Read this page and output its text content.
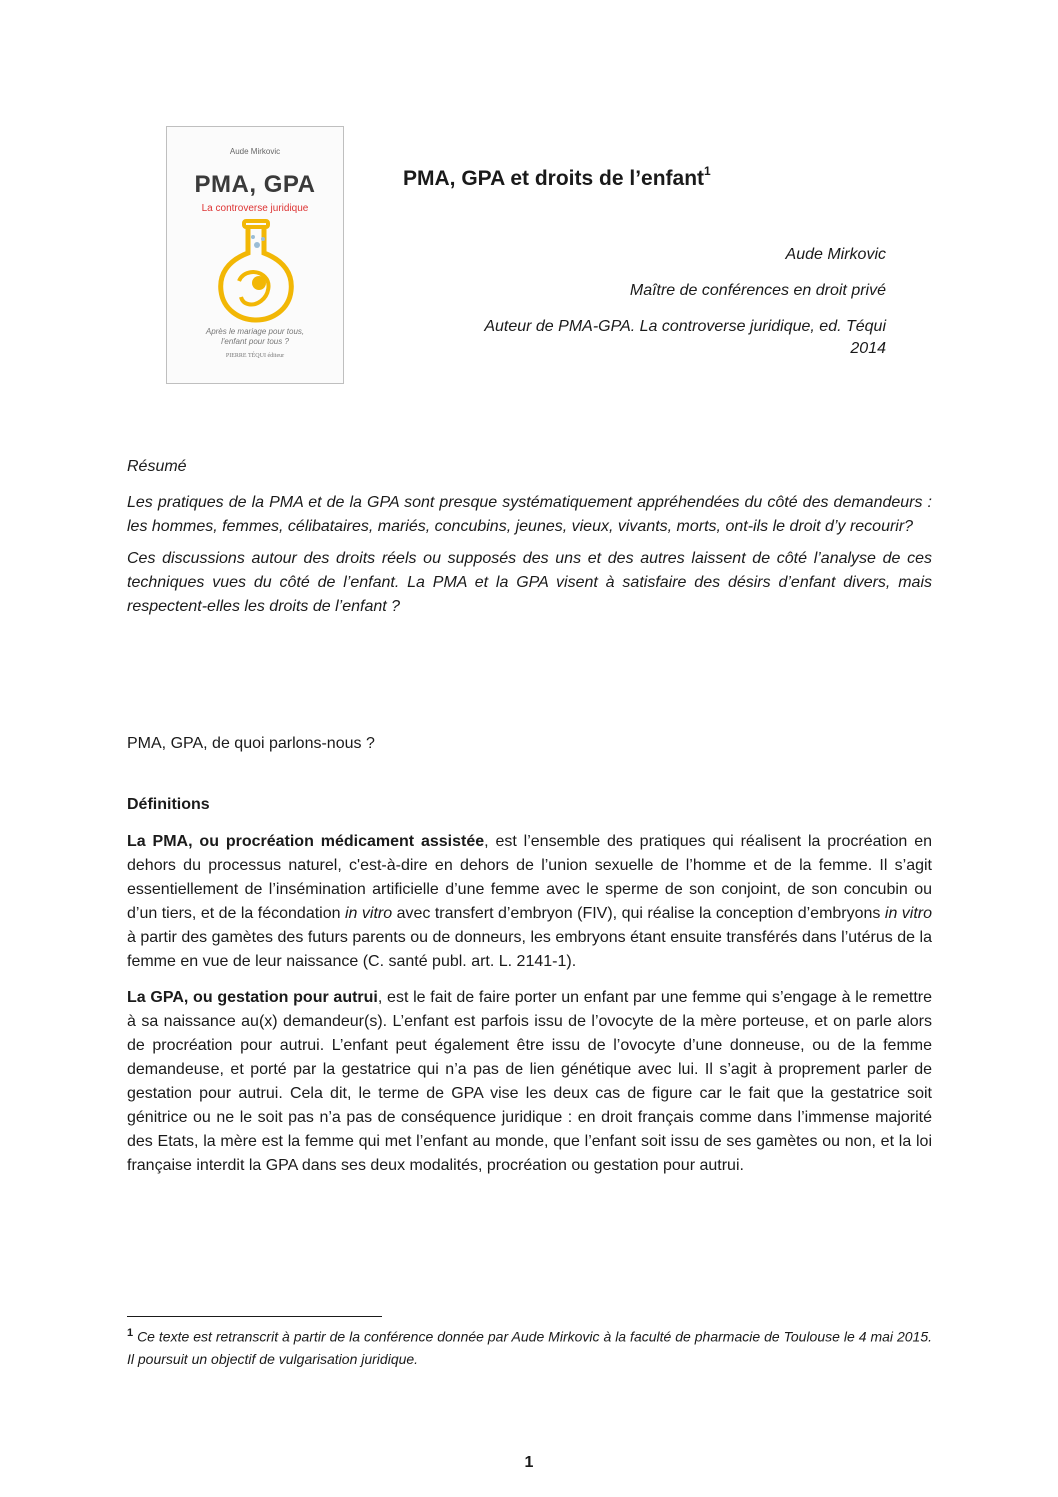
Aude Mirkovic
PMA, GPA
La controverse juridique
Après le mariage pour tous,
l'enfant pour tous ?
PIERRE TÉQUI éditeur
PMA, GPA et droits de l’enfant$^1$
Aude Mirkovic
Maître de conférences en droit privé
Auteur de PMA-GPA. La controverse juridique, ed. Téqui
2014

Résumé

Les pratiques de la PMA et de la GPA sont presque systématiquement appréhendées du côté des demandeurs : les hommes, femmes, célibataires, mariés, concubins, jeunes, vieux, vivants, morts, ont-ils le droit d’y recourir?

Ces discussions autour des droits réels ou supposés des uns et des autres laissent de côté l’analyse de ces techniques vues du côté de l’enfant. La PMA et la GPA visent à satisfaire des désirs d’enfant divers, mais respectent-elles les droits de l’enfant ?

PMA, GPA, de quoi parlons-nous ?
Définitions

La PMA, ou procréation médicament assistée, est l’ensemble des pratiques qui réalisent la procréation en dehors du processus naturel, c'est-à-dire en dehors de l’union sexuelle de l’homme et de la femme. Il s’agit essentiellement de l’insémination artificielle d’une femme avec le sperme de son conjoint, de son concubin ou d’un tiers, et de la fécondation in vitro avec transfert d’embryon (FIV), qui réalise la conception d’embryons in vitro à partir des gamètes des futurs parents ou de donneurs, les embryons étant ensuite transférés dans l’utérus de la femme en vue de leur naissance (C. santé publ. art. L. 2141-1).

La GPA, ou gestation pour autrui, est le fait de faire porter un enfant par une femme qui s’engage à le remettre à sa naissance au(x) demandeur(s). L’enfant est parfois issu de l’ovocyte de la mère porteuse, et on parle alors de procréation pour autrui. L’enfant peut également être issu de l’ovocyte d’une donneuse, ou de la femme demandeuse, et porté par la gestatrice qui n’a pas de lien génétique avec lui. Il s’agit à proprement parler de gestation pour autrui. Cela dit, le terme de GPA vise les deux cas de figure car le fait que la gestatrice soit génitrice ou ne le soit pas n’a pas de conséquence juridique : en droit français comme dans l’immense majorité des Etats, la mère est la femme qui met l’enfant au monde, que l’enfant soit issu de ses gamètes ou non, et la loi française interdit la GPA dans ses deux modalités, procréation ou gestation pour autrui.

$^1$ Ce texte est retranscrit à partir de la conférence donnée par Aude Mirkovic à la faculté de pharmacie de Toulouse le 4 mai 2015. Il poursuit un objectif de vulgarisation juridique.
1
